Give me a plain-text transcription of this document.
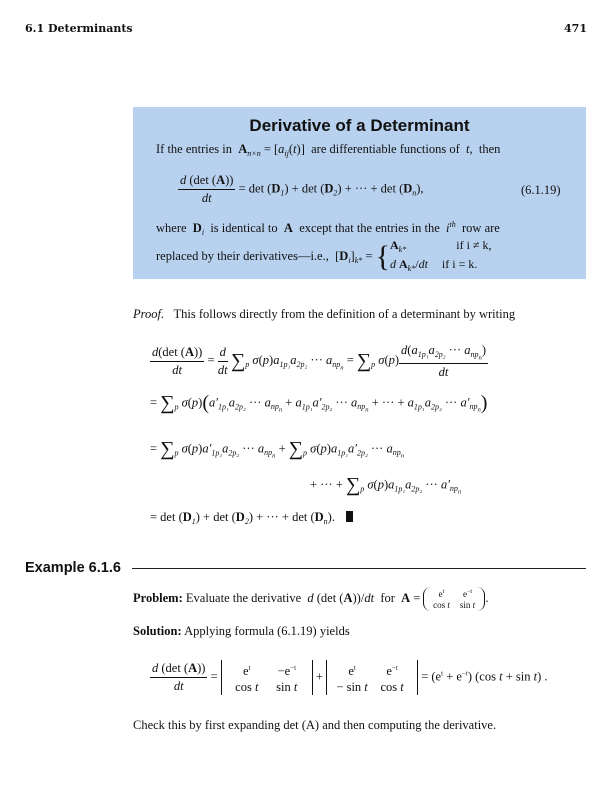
6.1 Determinants	471
Derivative of a Determinant
If the entries in $A_{n\times n} = [a_{ij}(t)]$  are differentiable functions of t,  then
$\frac{d (\det (A))}{dt} = \det (D_1) + \det (D_2)$ + ··· + $\det (D_n)$,	(6.1.19)
where $D_i$ is identical to A except that the entries in the $i^{th}$ row are
replaced by their derivatives—i.e.,  $[D_i]_{k*}$ = { $A_{k*}$	if i ≠ k,
d $A_{k*}/dt$ if i = k.
Proof. This follows directly from the definition of a determinant by writing
$\frac{d(\det (A))}{dt} = \frac{d}{dt} \sum_p$ $\sigma(p)a_{1p_1}a_{2p_2}$ ··· $a_{np_n} = \sum_p$ $\sigma(p) \frac{d(a_{1p_1}a_{2p_2} \cdot\cdot\cdot a_{np_n})}{dt}$
= $\sum_p$ $\sigma(p)(a'_{1p_1}a_{2p_2}$ ··· $a_{np_n} + a_{1p_1}a'_{2p_2}$ ··· $a_{np_n}$ + ··· + $a_{1p_1}a_{2p_2}$ ··· $a'_{np_n}$)
= $\sum_p$ $\sigma(p)a'_{1p_1}a_{2p_2}$ ··· $a_{np_n} + \sum_p$ $\sigma(p)a_{1p_1}a'_{2p_2}$ ··· $a_{np_n}$
+ ··· + $\sum_p$ $\sigma(p)a_{1p_1}a_{2p_2}$ ··· $a'_{np_n}$
= $\det (D_1) + \det (D_2)$ + ··· + $\det (D_n)$.
Example 6.1.6
Problem: Evaluate the derivative d (det (A))/dt for A =	$e^t$ $e^{-t}$
cos t sin t
.
Solution: Applying formula (6.1.19) yields
$\frac{d (\det (A))}{dt}$ =	$e^t -e^{-t}$
cos t sin t
+	$e^t$ $e^{-t}$
− sin t cos t
= $(e^t + e^{-t})$ (cos t + sin t) .
Check this by first expanding det (A) and then computing the derivative.
